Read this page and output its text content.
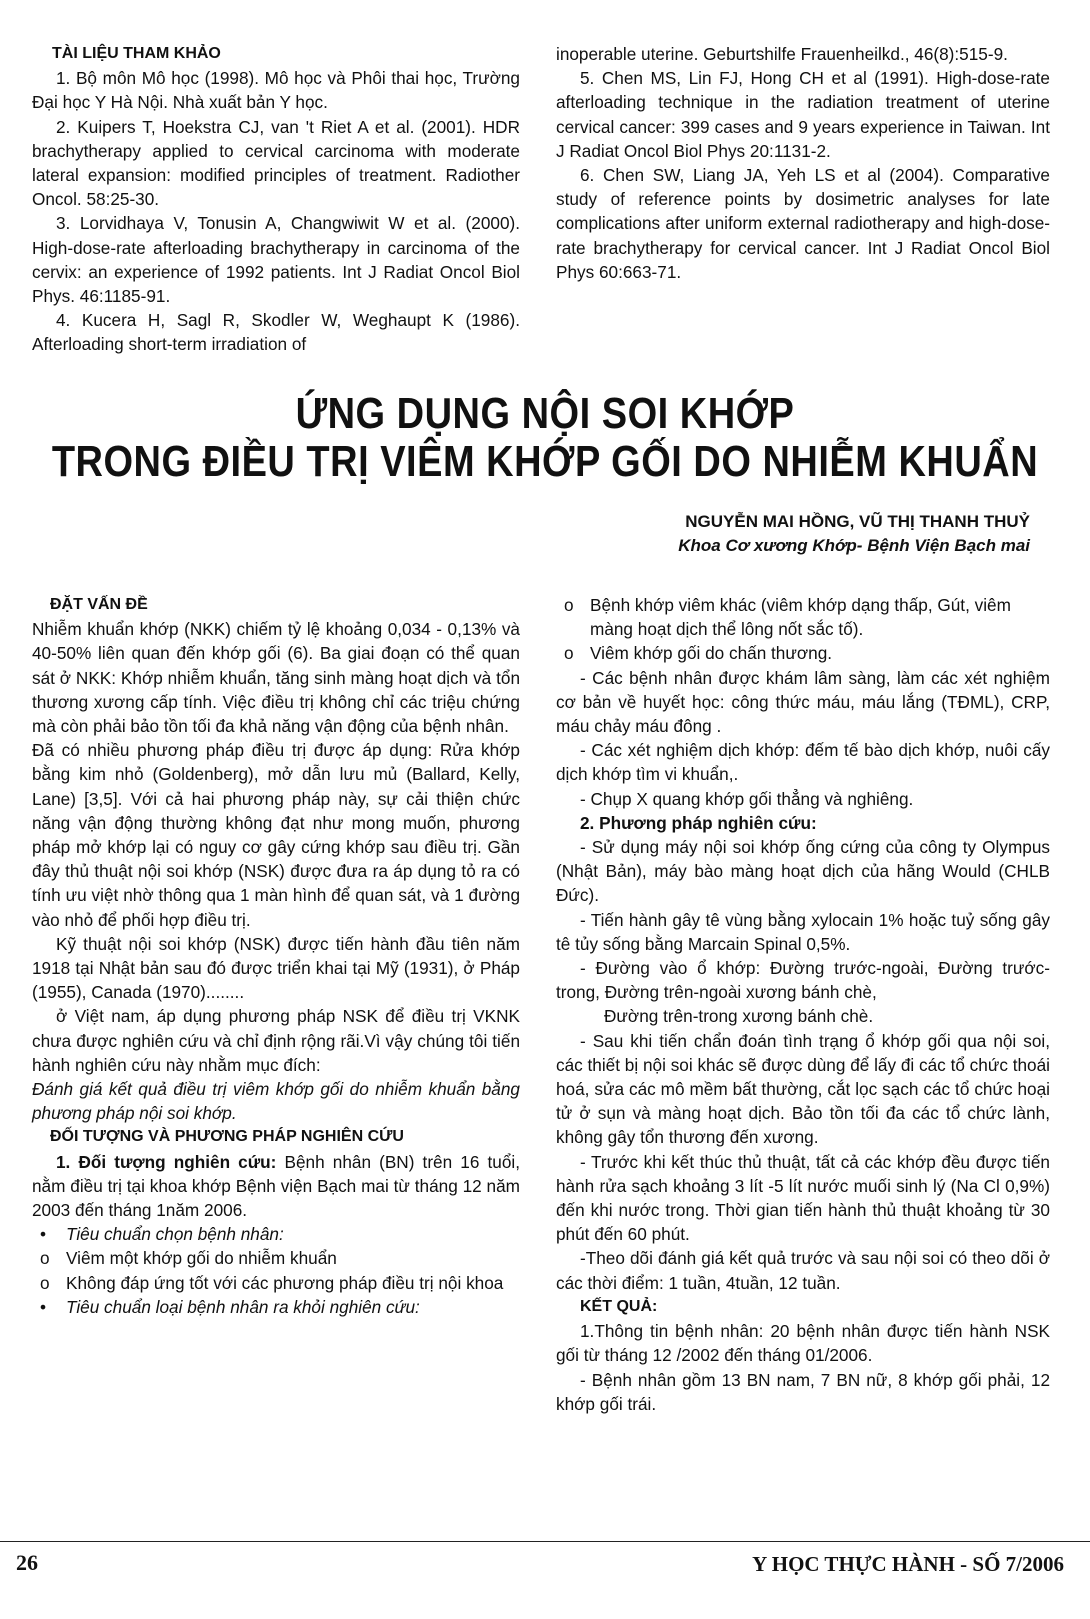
TÀI LIỆU THAM KHẢO

1. Bộ môn Mô học (1998). Mô học và Phôi thai học, Trường Đại học Y Hà Nội. Nhà xuất bản Y học.

2. Kuipers T, Hoekstra CJ, van 't Riet A et al. (2001). HDR brachytherapy applied to cervical carcinoma with moderate lateral expansion: modified principles of treatment. Radiother Oncol. 58:25-30.

3. Lorvidhaya V, Tonusin A, Changwiwit W et al. (2000). High-dose-rate afterloading brachytherapy in carcinoma of the cervix: an experience of 1992 patients. Int J Radiat Oncol Biol Phys. 46:1185-91.

4. Kucera H, Sagl R, Skodler W, Weghaupt K (1986). Afterloading short-term irradiation of

inoperable uterine. Geburtshilfe Frauenheilkd., 46(8):515-9.

5. Chen MS, Lin FJ, Hong CH et al (1991). High-dose-rate afterloading technique in the radiation treatment of uterine cervical cancer: 399 cases and 9 years experience in Taiwan. Int J Radiat Oncol Biol Phys 20:1131-2.

6. Chen SW, Liang JA, Yeh LS et al (2004). Comparative study of reference points by dosimetric analyses for late complications after uniform external radiotherapy and high-dose-rate brachytherapy for cervical cancer. Int J Radiat Oncol Biol Phys 60:663-71.

ỨNG DỤNG NỘI SOI KHỚP
TRONG ĐIỀU TRỊ VIÊM KHỚP GỐI DO NHIỄM KHUẨN
NGUYỄN MAI HỒNG, VŨ THỊ THANH THUỶ
Khoa Cơ xương Khớp- Bệnh Viện Bạch mai

ĐẶT VẤN ĐỀ

Nhiễm khuẩn khớp (NKK) chiếm tỷ lệ khoảng 0,034 - 0,13% và 40-50% liên quan đến khớp gối (6). Ba giai đoạn có thể quan sát ở NKK: Khớp nhiễm khuẩn, tăng sinh màng hoạt dịch và tổn thương xương cấp tính. Việc điều trị không chỉ các triệu chứng mà còn phải bảo tồn tối đa khả năng vận động của bệnh nhân.

Đã có nhiều phương pháp điều trị được áp dụng: Rửa khớp bằng kim nhỏ (Goldenberg), mở dẫn lưu mủ (Ballard, Kelly, Lane) [3,5]. Với cả hai phương pháp này, sự cải thiện chức năng vận động thường không đạt như mong muốn, phương pháp mở khớp lại có nguy cơ gây cứng khớp sau điều trị. Gần đây thủ thuật nội soi khớp (NSK) được đưa ra áp dụng tỏ ra có tính ưu việt nhờ thông qua 1 màn hình để quan sát, và 1 đường vào nhỏ để phối hợp điều trị.

Kỹ thuật nội soi khớp (NSK) được tiến hành đầu tiên năm 1918 tại Nhật bản sau đó được triển khai tại Mỹ (1931), ở Pháp (1955), Canada (1970)........

ở Việt nam, áp dụng phương pháp NSK để điều trị VKNK chưa được nghiên cứu và chỉ định rộng rãi.Vì vậy chúng tôi tiến hành nghiên cứu này nhằm mục đích:

Đánh giá kết quả điều trị viêm khớp gối do nhiễm khuẩn bằng phương pháp nội soi khớp.

ĐỐI TƯỢNG VÀ PHƯƠNG PHÁP NGHIÊN CỨU

1. Đối tượng nghiên cứu: Bệnh nhân (BN) trên 16 tuổi, nằm điều trị tại khoa khớp Bệnh viện Bạch mai từ tháng 12 năm 2003 đến tháng 1năm 2006.

•	Tiêu chuẩn chọn bệnh nhân:
o Viêm một khớp gối do nhiễm khuẩn
o Không đáp ứng tốt với các phương pháp điều trị nội khoa
•	Tiêu chuẩn loại bệnh nhân ra khỏi nghiên cứu:
o Bệnh khớp viêm khác (viêm khớp dạng thấp, Gút, viêm màng hoạt dịch thể lông nốt sắc tố).
o Viêm khớp gối do chấn thương.

- Các bệnh nhân được khám lâm sàng, làm các xét nghiệm cơ bản về huyết học: công thức máu, máu lắng (TĐML), CRP, máu chảy máu đông .

- Các xét nghiệm dịch khớp: đếm tế bào dịch khớp, nuôi cấy dịch khớp tìm vi khuẩn,.

- Chụp X quang khớp gối thẳng và nghiêng.

2. Phương pháp nghiên cứu:

- Sử dụng máy nội soi khớp ống cứng của công ty Olympus (Nhật Bản), máy bào màng hoạt dịch của hãng Would (CHLB Đức).

- Tiến hành gây tê vùng bằng xylocain 1% hoặc tuỷ sống gây tê tủy sống bằng Marcain Spinal 0,5%.

- Đường vào ổ khớp: Đường trước-ngoài, Đường trước-trong, Đường trên-ngoài xương bánh chè,

Đường trên-trong xương bánh chè.

- Sau khi tiến chẩn đoán tình trạng ổ khớp gối qua nội soi, các thiết bị nội soi khác sẽ được dùng để lấy đi các tổ chức thoái hoá, sửa các mô mềm bất thường, cắt lọc sạch các tổ chức hoại tử ở sụn và màng hoạt dịch. Bảo tồn tối đa các tổ chức lành, không gây tổn thương đến xương.

- Trước khi kết thúc thủ thuật, tất cả các khớp đều được tiến hành rửa sạch khoảng 3 lít -5 lít nước muối sinh lý (Na Cl 0,9%) đến khi nước trong. Thời gian tiến hành thủ thuật khoảng từ 30 phút đến 60 phút.

-Theo dõi đánh giá kết quả trước và sau nội soi có theo dõi ở các thời điểm: 1 tuần, 4tuần, 12 tuần.

KẾT QUẢ:

1.Thông tin bệnh nhân: 20 bệnh nhân được tiến hành NSK gối từ tháng 12 /2002 đến tháng 01/2006.

- Bệnh nhân gồm 13 BN nam, 7 BN nữ, 8 khớp gối phải, 12 khớp gối trái.

26	Y HỌC THỰC HÀNH - SỐ 7/2006
